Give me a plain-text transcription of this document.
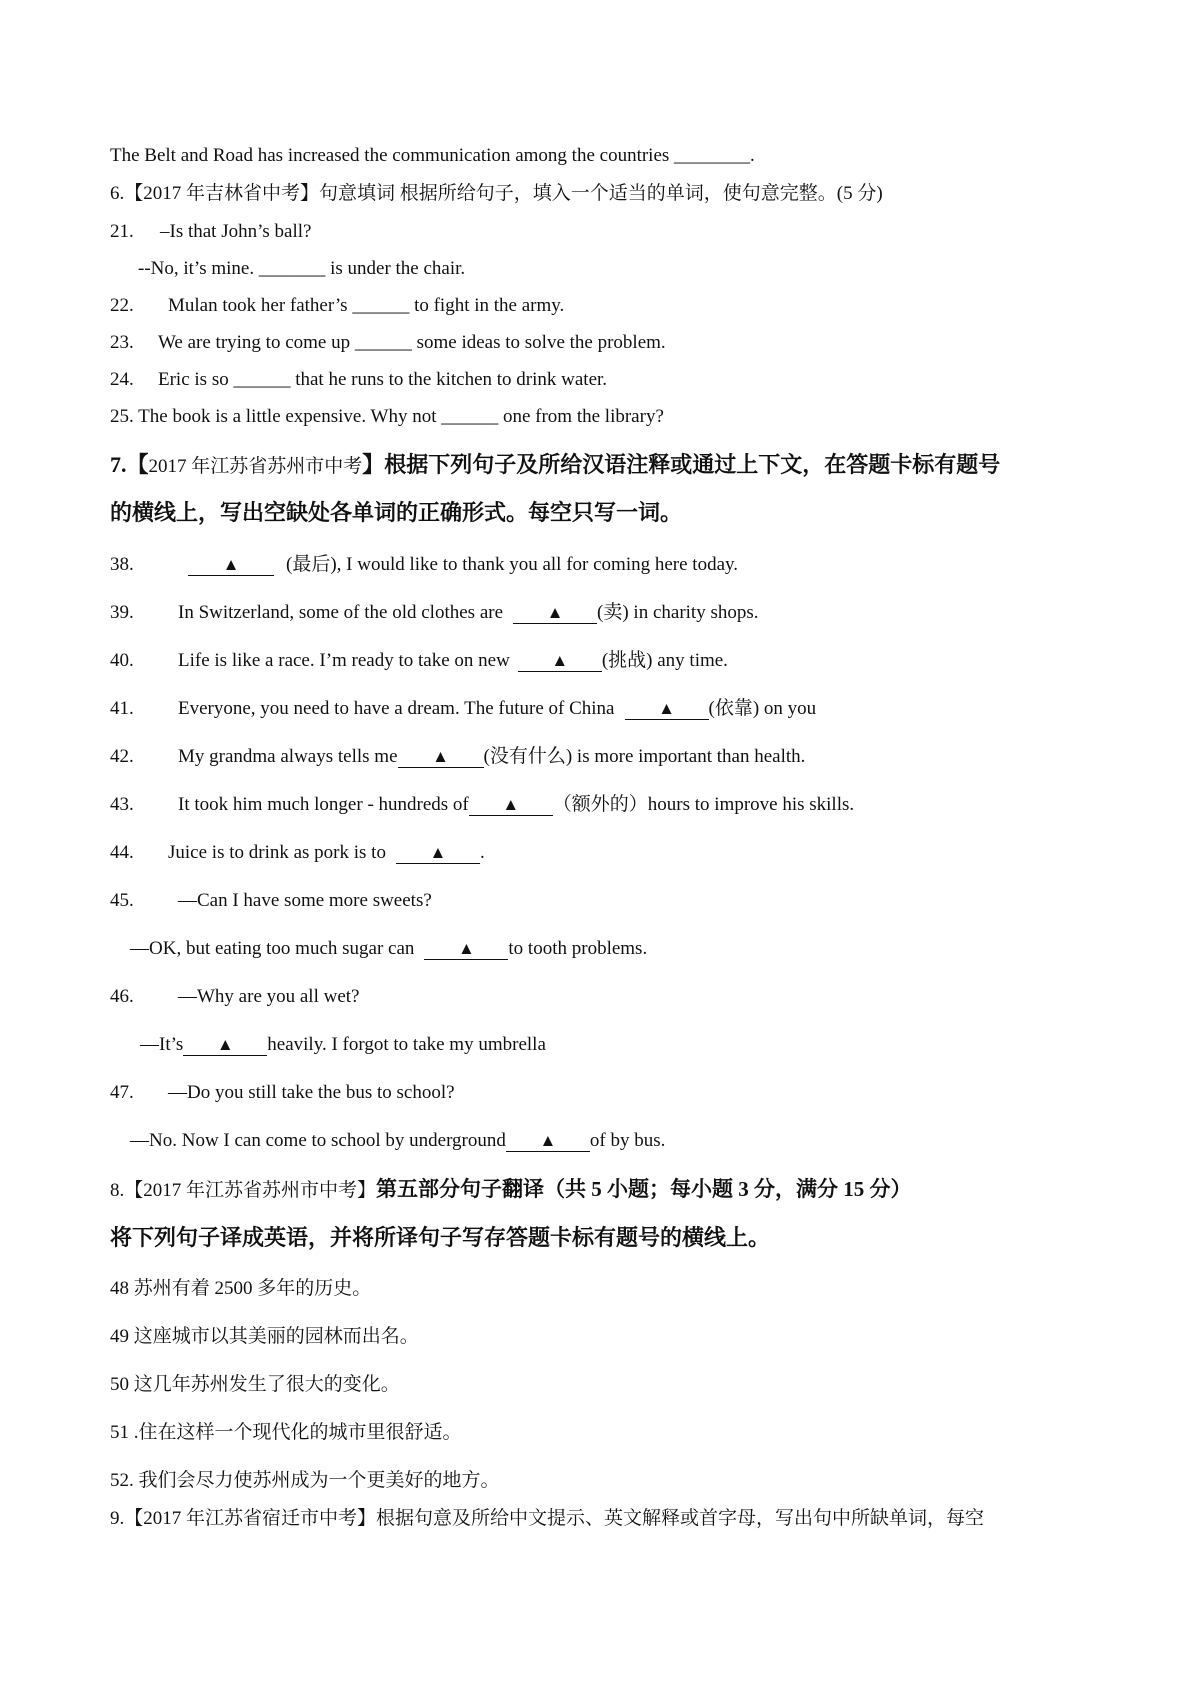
The Belt and Road has increased the communication among the countries ________.
6.【2017 年吉林省中考】句意填词 根据所给句子，填入一个适当的单词，使句意完整。(5 分)
21. –Is that John’s ball?
--No, it’s mine. _______ is under the chair.
22. Mulan took her father’s ______ to fight in the army.
23. We are trying to come up ______ some ideas to solve the problem.
24. Eric is so ______ that he runs to the kitchen to drink water.
25. The book is a little expensive. Why not ______ one from the library?
7.【2017 年江苏省苏州市中考】根据下列句子及所给汉语注释或通过上下文，在答题卡标有题号
的横线上，写出空缺处各单词的正确形式。每空只写一词。
38.	▲ (最后), I would like to thank you all for coming here today.
39. In Switzerland, some of the old clothes are	▲ (卖) in charity shops.
40. Life is like a race. I’m ready to take on new ▲ (挑战) any time.
41. Everyone, you need to have a dream. The future of China	▲ (依靠) on you
42. My grandma always tells me ▲ (没有什么) is more important than health.
43. It took him much longer - hundreds of ▲ （额外的）hours to improve his skills.
44. Juice is to drink as pork is to	▲ .
45. —Can I have some more sweets?
—OK, but eating too much sugar can	▲ to tooth problems.
46. —Why are you all wet?
—It’s ▲ heavily. I forgot to take my umbrella
47. —Do you still take the bus to school?
—No. Now I can come to school by underground ▲ of by bus.
8.【2017 年江苏省苏州市中考】第五部分句子翻译（共 5 小题；每小题 3 分，满分 15 分）
将下列句子译成英语，并将所译句子写存答题卡标有题号的横线上。
48 苏州有着 2500 多年的历史。
49 这座城市以其美丽的园林而出名。
50 这几年苏州发生了很大的变化。
51 .住在这样一个现代化的城市里很舒适。
52. 我们会尽力使苏州成为一个更美好的地方。
9.【2017 年江苏省宿迁市中考】根据句意及所给中文提示、英文解释或首字母，写出句中所缺单词，每空
